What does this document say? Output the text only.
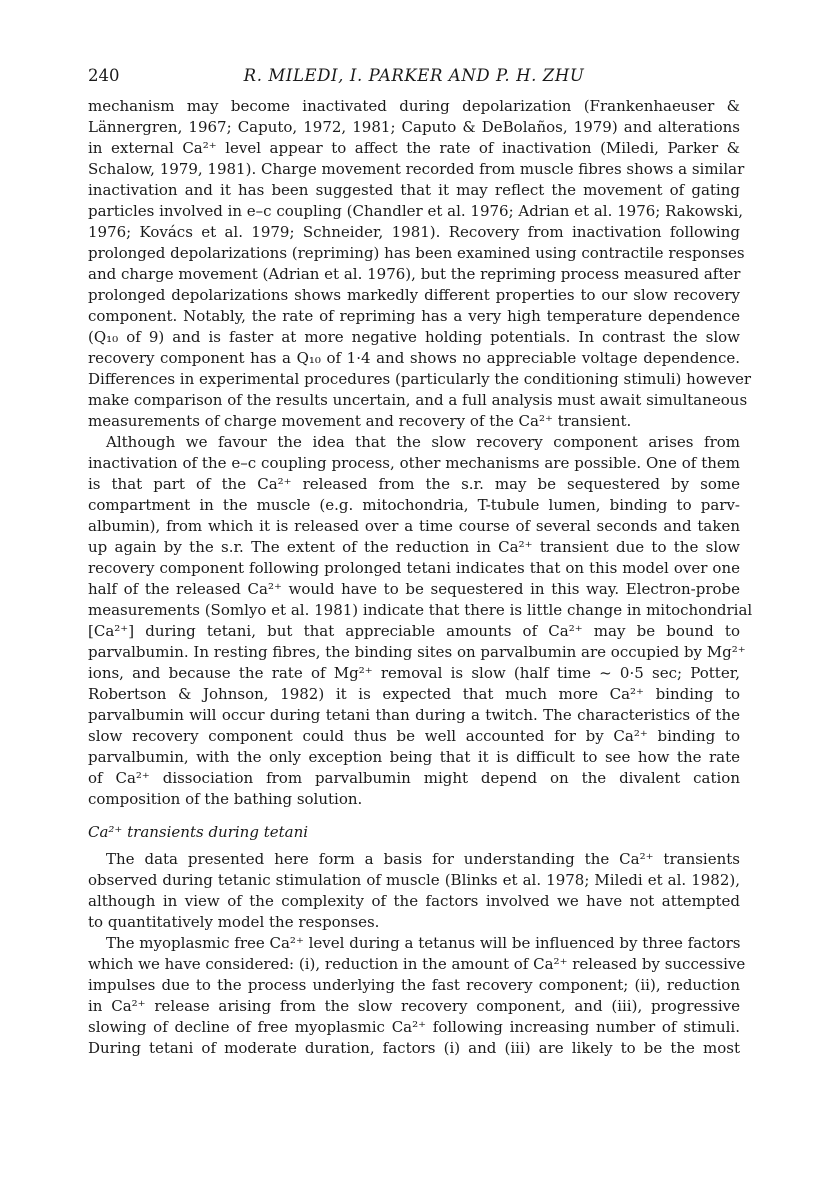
240	R. MILEDI, I. PARKER AND P. H. ZHU
mechanism may become inactivated during depolarization (Frankenhaeuser &
Lännergren, 1967; Caputo, 1972, 1981; Caputo & DeBolaños, 1979) and alterations
in external Ca²⁺ level appear to affect the rate of inactivation (Miledi, Parker &
Schalow, 1979, 1981). Charge movement recorded from muscle fibres shows a similar
inactivation and it has been suggested that it may reflect the movement of gating
particles involved in e–c coupling (Chandler et al. 1976; Adrian et al. 1976; Rakowski,
1976; Kovács et al. 1979; Schneider, 1981). Recovery from inactivation following
prolonged depolarizations (repriming) has been examined using contractile responses
and charge movement (Adrian et al. 1976), but the repriming process measured after
prolonged depolarizations shows markedly different properties to our slow recovery
component. Notably, the rate of repriming has a very high temperature dependence
(Q₁₀ of 9) and is faster at more negative holding potentials. In contrast the slow
recovery component has a Q₁₀ of 1·4 and shows no appreciable voltage dependence.
Differences in experimental procedures (particularly the conditioning stimuli) however
make comparison of the results uncertain, and a full analysis must await simultaneous
measurements of charge movement and recovery of the Ca²⁺ transient.
Although we favour the idea that the slow recovery component arises from
inactivation of the e–c coupling process, other mechanisms are possible. One of them
is that part of the Ca²⁺ released from the s.r. may be sequestered by some
compartment in the muscle (e.g. mitochondria, T-tubule lumen, binding to parv-
albumin), from which it is released over a time course of several seconds and taken
up again by the s.r. The extent of the reduction in Ca²⁺ transient due to the slow
recovery component following prolonged tetani indicates that on this model over one
half of the released Ca²⁺ would have to be sequestered in this way. Electron-probe
measurements (Somlyo et al. 1981) indicate that there is little change in mitochondrial
[Ca²⁺] during tetani, but that appreciable amounts of Ca²⁺ may be bound to
parvalbumin. In resting fibres, the binding sites on parvalbumin are occupied by Mg²⁺
ions, and because the rate of Mg²⁺ removal is slow (half time ~ 0·5 sec; Potter,
Robertson & Johnson, 1982) it is expected that much more Ca²⁺ binding to
parvalbumin will occur during tetani than during a twitch. The characteristics of the
slow recovery component could thus be well accounted for by Ca²⁺ binding to
parvalbumin, with the only exception being that it is difficult to see how the rate
of Ca²⁺ dissociation from parvalbumin might depend on the divalent cation
composition of the bathing solution.
Ca²⁺ transients during tetani
The data presented here form a basis for understanding the Ca²⁺ transients
observed during tetanic stimulation of muscle (Blinks et al. 1978; Miledi et al. 1982),
although in view of the complexity of the factors involved we have not attempted
to quantitatively model the responses.
The myoplasmic free Ca²⁺ level during a tetanus will be influenced by three factors
which we have considered: (i), reduction in the amount of Ca²⁺ released by successive
impulses due to the process underlying the fast recovery component; (ii), reduction
in Ca²⁺ release arising from the slow recovery component, and (iii), progressive
slowing of decline of free myoplasmic Ca²⁺ following increasing number of stimuli.
During tetani of moderate duration, factors (i) and (iii) are likely to be the most
